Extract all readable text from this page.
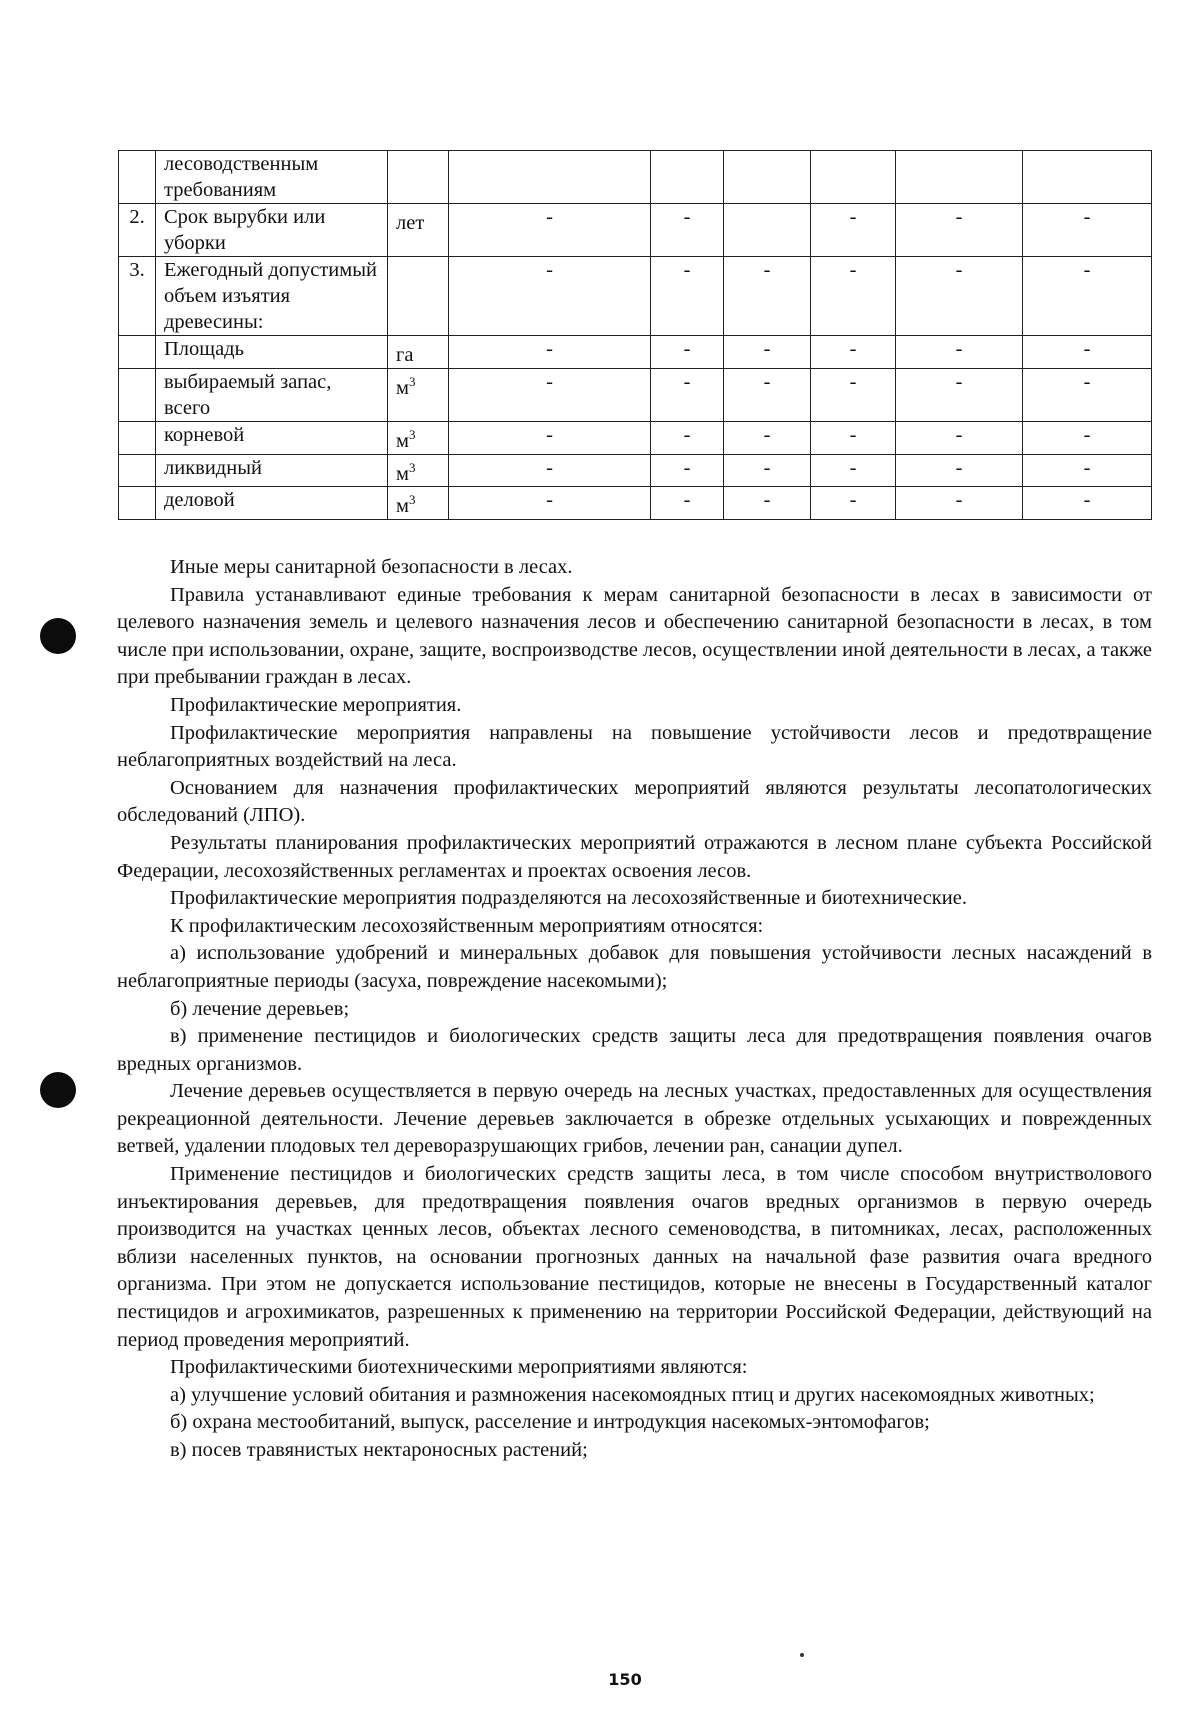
	лесоводственным требованиям							
2.	Срок вырубки или уборки	лет	-	-		-	-	-
3.	Ежегодный допустимый объем изъятия древесины:		-	-	-	-	-	-
	Площадь	га	-	-	-	-	-	-
	выбираемый запас, всего	$м^3$	-	-	-	-	-	-
	корневой	$м^3$	-	-	-	-	-	-
	ликвидный	$м^3$	-	-	-	-	-	-
	деловой	$м^3$	-	-	-	-	-	-

Иные меры санитарной безопасности в лесах.

Правила устанавливают единые требования к мерам санитарной безопасности в лесах в зависимости от целевого назначения земель и целевого назначения лесов и обеспечению санитарной безопасности в лесах, в том числе при использовании, охране, защите, воспроизводстве лесов, осуществлении иной деятельности в лесах, а также при пребывании граждан в лесах.

Профилактические мероприятия.

Профилактические мероприятия направлены на повышение устойчивости лесов и предотвращение неблагоприятных воздействий на леса.

Основанием для назначения профилактических мероприятий являются результаты лесопатологических обследований (ЛПО).

Результаты планирования профилактических мероприятий отражаются в лесном плане субъекта Российской Федерации, лесохозяйственных регламентах и проектах освоения лесов.

Профилактические мероприятия подразделяются на лесохозяйственные и биотехнические.

К профилактическим лесохозяйственным мероприятиям относятся:

а) использование удобрений и минеральных добавок для повышения устойчивости лесных насаждений в неблагоприятные периоды (засуха, повреждение насекомыми);

б) лечение деревьев;

в) применение пестицидов и биологических средств защиты леса для предотвращения появления очагов вредных организмов.

Лечение деревьев осуществляется в первую очередь на лесных участках, предоставленных для осуществления рекреационной деятельности. Лечение деревьев заключается в обрезке отдельных усыхающих и поврежденных ветвей, удалении плодовых тел дереворазрушающих грибов, лечении ран, санации дупел.

Применение пестицидов и биологических средств защиты леса, в том числе способом внутристволового инъектирования деревьев, для предотвращения появления очагов вредных организмов в первую очередь производится на участках ценных лесов, объектах лесного семеноводства, в питомниках, лесах, расположенных вблизи населенных пунктов, на основании прогнозных данных на начальной фазе развития очага вредного организма. При этом не допускается использование пестицидов, которые не внесены в Государственный каталог пестицидов и агрохимикатов, разрешенных к применению на территории Российской Федерации, действующий на период проведения мероприятий.

Профилактическими биотехническими мероприятиями являются:

а) улучшение условий обитания и размножения насекомоядных птиц и других насекомоядных животных;

б) охрана местообитаний, выпуск, расселение и интродукция насекомых-энтомофагов;

в) посев травянистых нектароносных растений;

150
